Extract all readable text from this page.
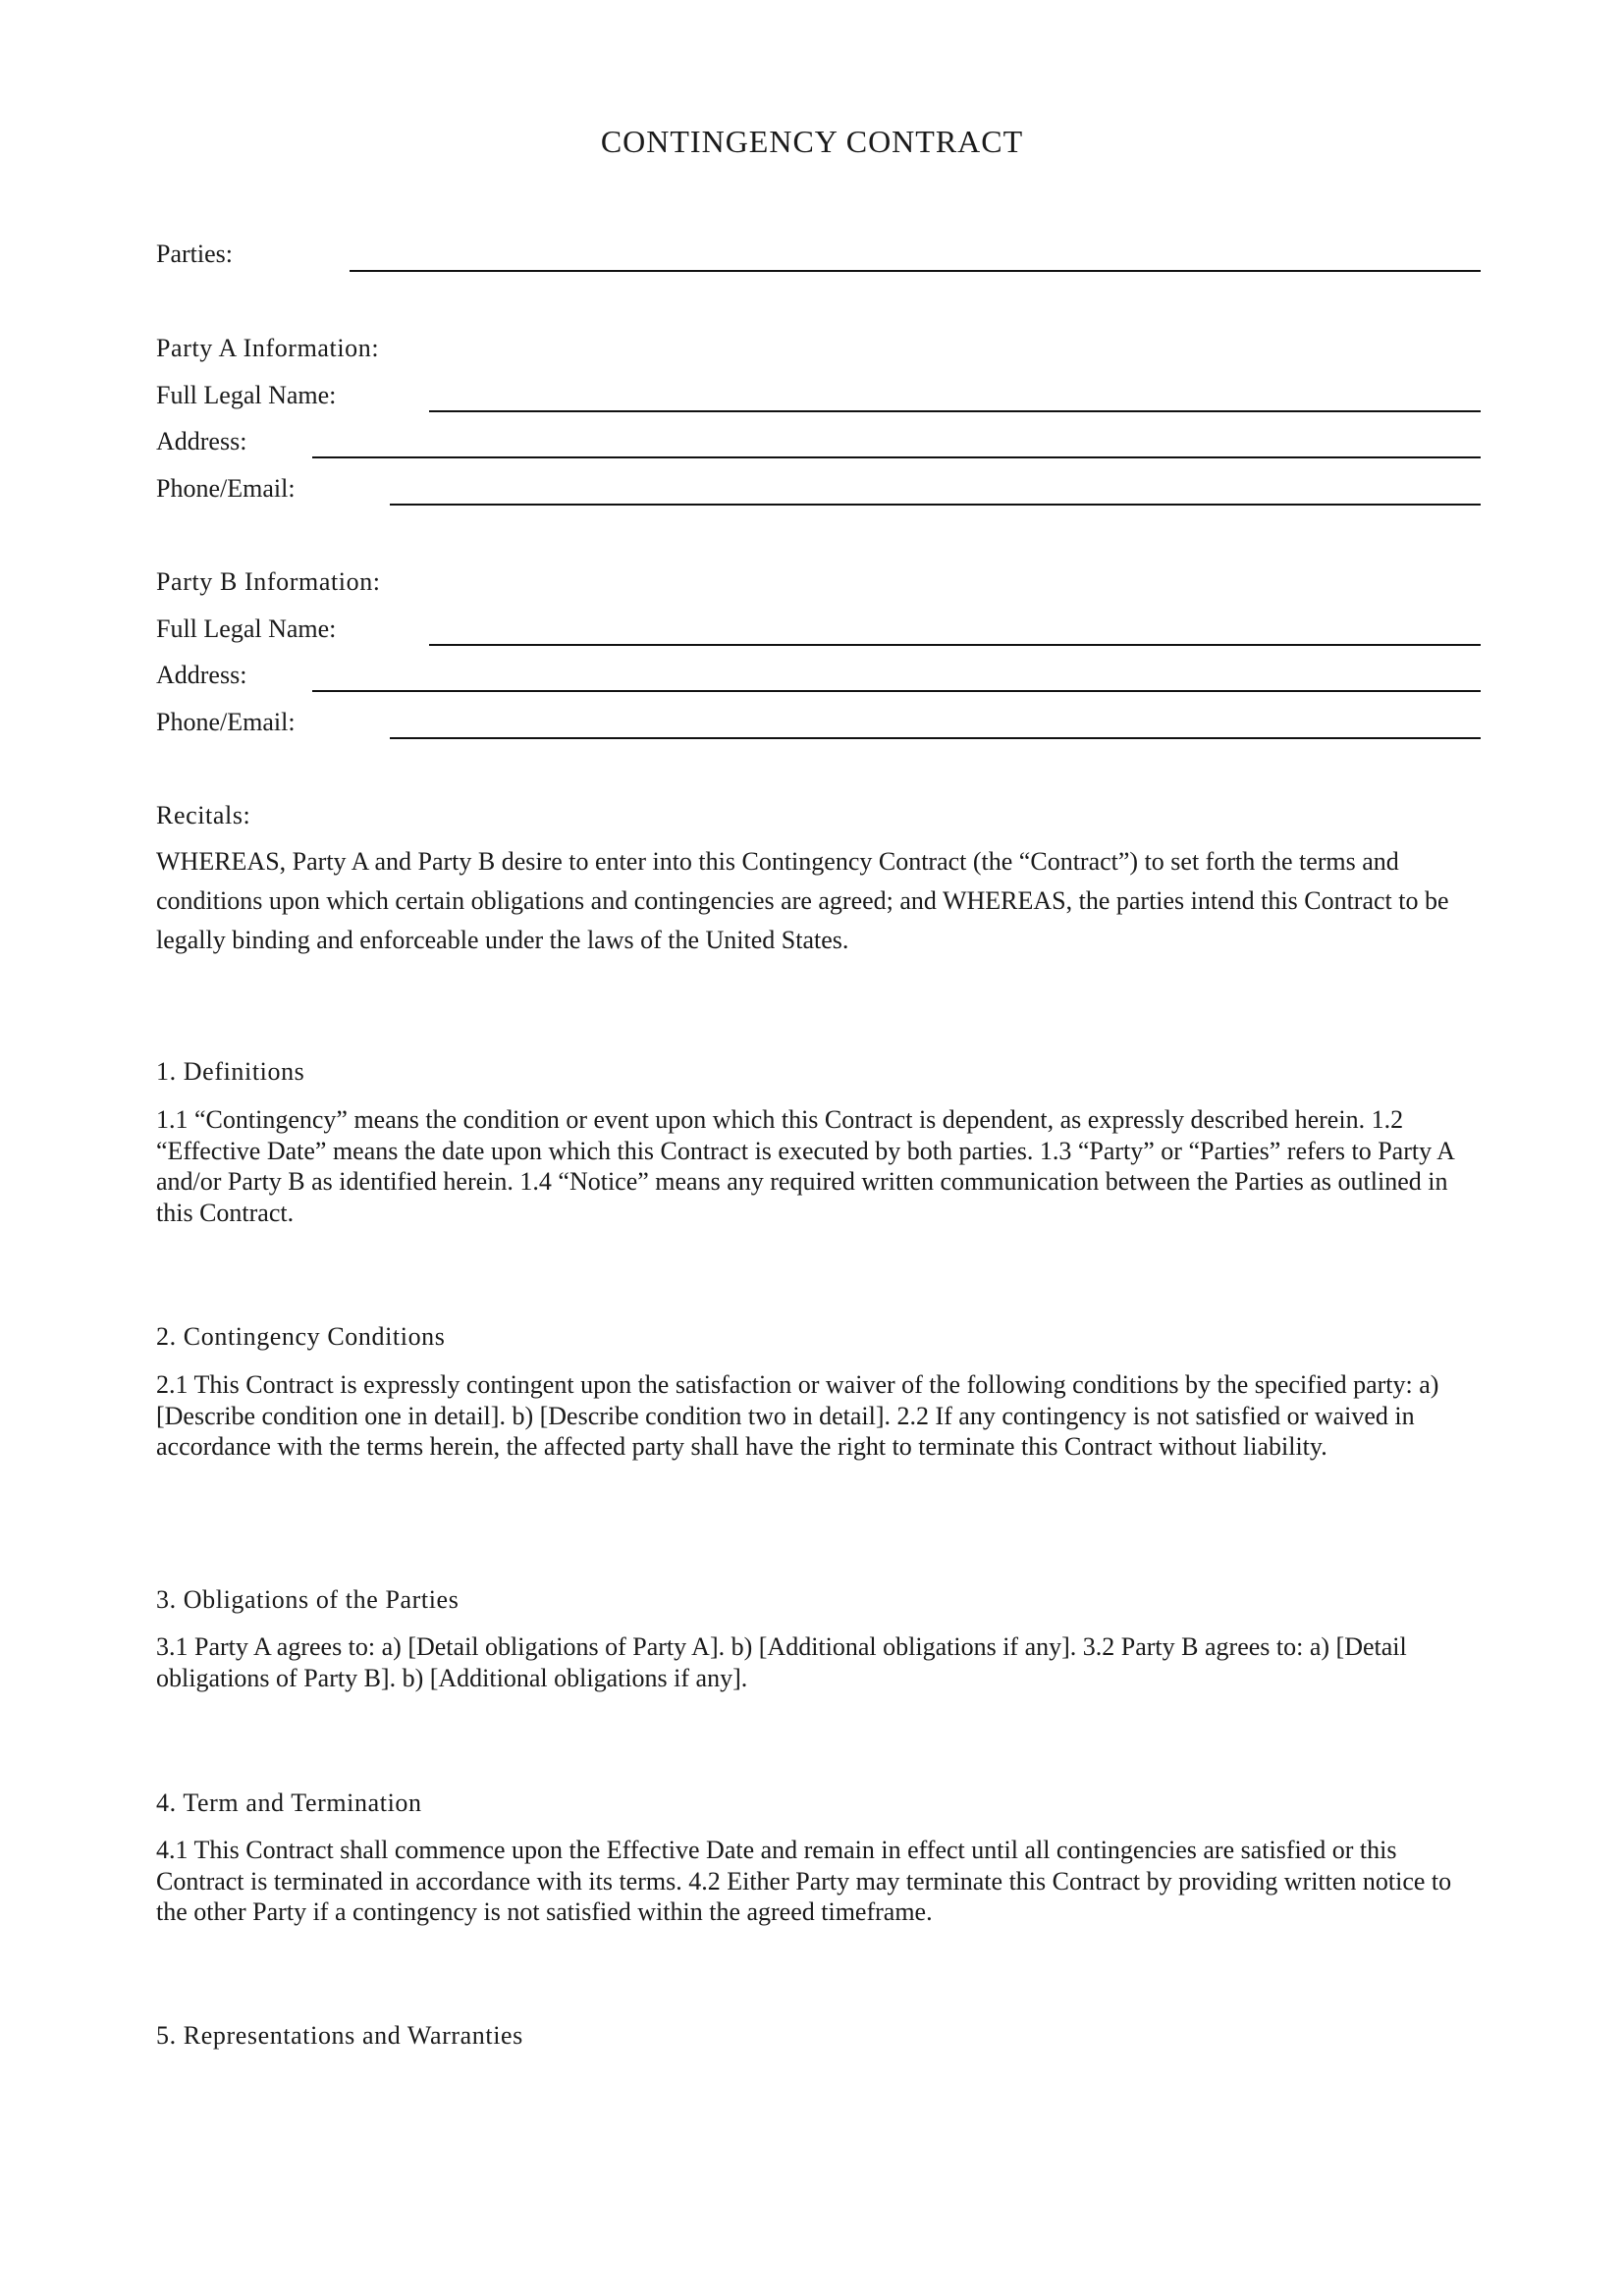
CONTINGENCY CONTRACT
Parties:
Party A Information:
Full Legal Name:
Address:
Phone/Email:
Party B Information:
Full Legal Name:
Address:
Phone/Email:
Recitals:
WHEREAS, Party A and Party B desire to enter into this Contingency Contract (the “Contract”) to set forth the terms and conditions upon which certain obligations and contingencies are agreed; and WHEREAS, the parties intend this Contract to be legally binding and enforceable under the laws of the United States.
1. Definitions
1.1 “Contingency” means the condition or event upon which this Contract is dependent, as expressly described herein. 1.2 “Effective Date” means the date upon which this Contract is executed by both parties. 1.3 “Party” or “Parties” refers to Party A and/or Party B as identified herein. 1.4 “Notice” means any required written communication between the Parties as outlined in this Contract.
2. Contingency Conditions
2.1 This Contract is expressly contingent upon the satisfaction or waiver of the following conditions by the specified party: a) [Describe condition one in detail]. b) [Describe condition two in detail]. 2.2 If any contingency is not satisfied or waived in accordance with the terms herein, the affected party shall have the right to terminate this Contract without liability.
3. Obligations of the Parties
3.1 Party A agrees to: a) [Detail obligations of Party A]. b) [Additional obligations if any]. 3.2 Party B agrees to: a) [Detail obligations of Party B]. b) [Additional obligations if any].
4. Term and Termination
4.1 This Contract shall commence upon the Effective Date and remain in effect until all contingencies are satisfied or this Contract is terminated in accordance with its terms. 4.2 Either Party may terminate this Contract by providing written notice to the other Party if a contingency is not satisfied within the agreed timeframe.
5. Representations and Warranties
